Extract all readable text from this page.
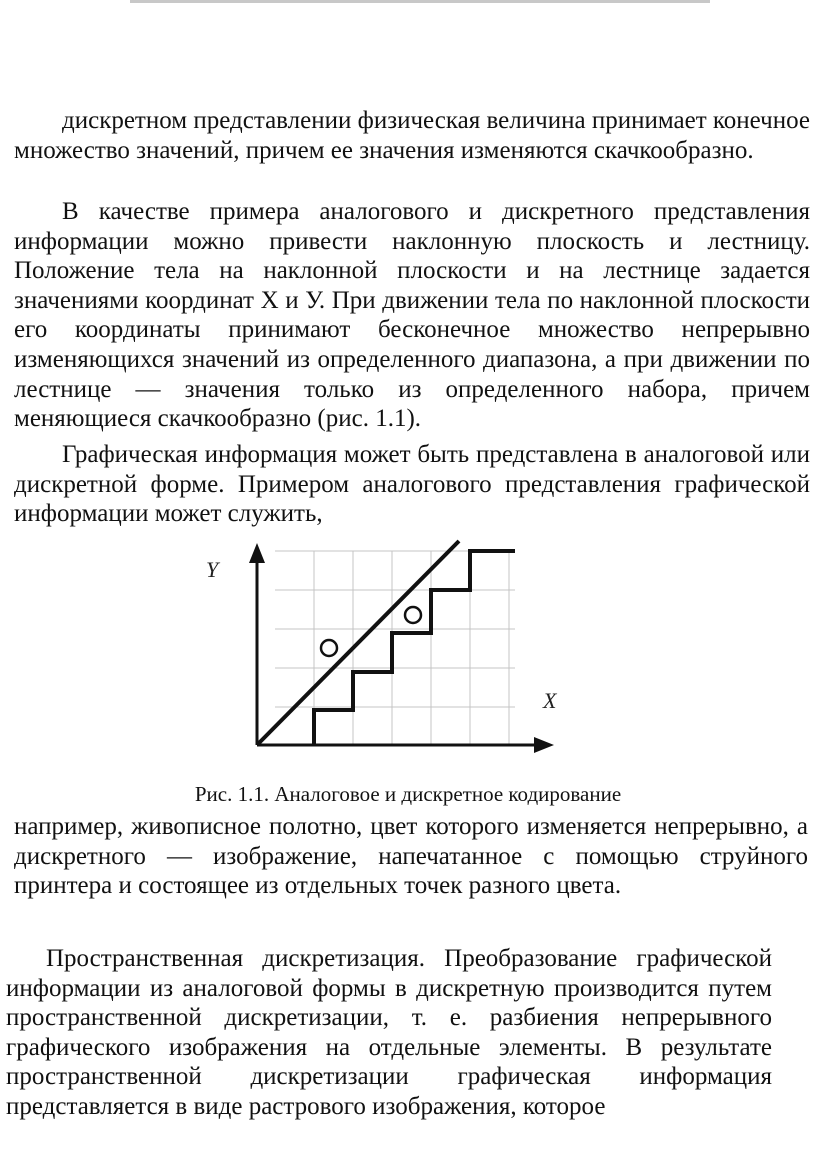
дискретном представлении физическая величина принимает конечное множество значений, причем ее значения изменяются скачкообразно.

В качестве примера аналогового и дискретного представления информации можно привести наклонную плоскость и лестницу. Положение тела на наклонной плоскости и на лестнице задается значениями координат X и У. При движении тела по наклонной плоскости его координаты принимают бесконечное множество непрерывно изменяющихся значений из определенного диапазона, а при движении по лестнице — значения только из определенного набора, причем меняющиеся скачкообразно (рис. 1.1).

Графическая информация может быть представлена в аналоговой или дискретной форме. Примером аналогового представления графической информации может служить,

Y
X

Рис. 1.1. Аналоговое и дискретное кодирование

например, живописное полотно, цвет которого изменяется непрерывно, а дискретного — изображение, напечатанное с помощью струйного принтера и состоящее из отдельных точек разного цвета.

Пространственная дискретизация. Преобразование графической информации из аналоговой формы в дискретную производится путем пространственной дискретизации, т. е. разбиения непрерывного графического изображения на отдельные элементы. В результате пространственной дискретизации графическая информация представляется в виде растрового изображения, которое
